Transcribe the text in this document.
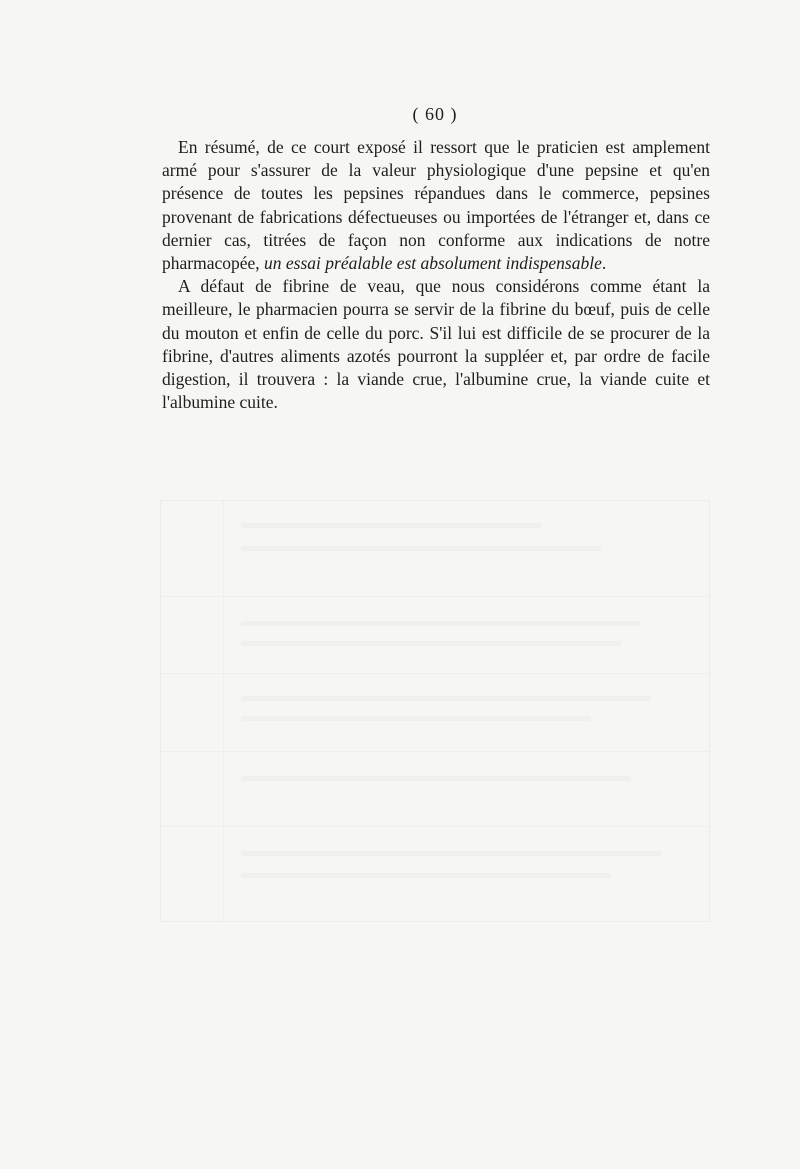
( 60 )

En résumé, de ce court exposé il ressort que le praticien est amplement armé pour s'assurer de la valeur physiologique d'une pepsine et qu'en présence de toutes les pepsines répandues dans le commerce, pepsines provenant de fabrications défectueuses ou importées de l'étranger et, dans ce dernier cas, titrées de façon non conforme aux indications de notre pharmacopée, un essai préalable est absolument indispensable.

A défaut de fibrine de veau, que nous considérons comme étant la meilleure, le pharmacien pourra se servir de la fibrine du bœuf, puis de celle du mouton et enfin de celle du porc. S'il lui est difficile de se procurer de la fibrine, d'autres aliments azotés pourront la suppléer et, par ordre de facile digestion, il trouvera : la viande crue, l'albumine crue, la viande cuite et l'albumine cuite.
